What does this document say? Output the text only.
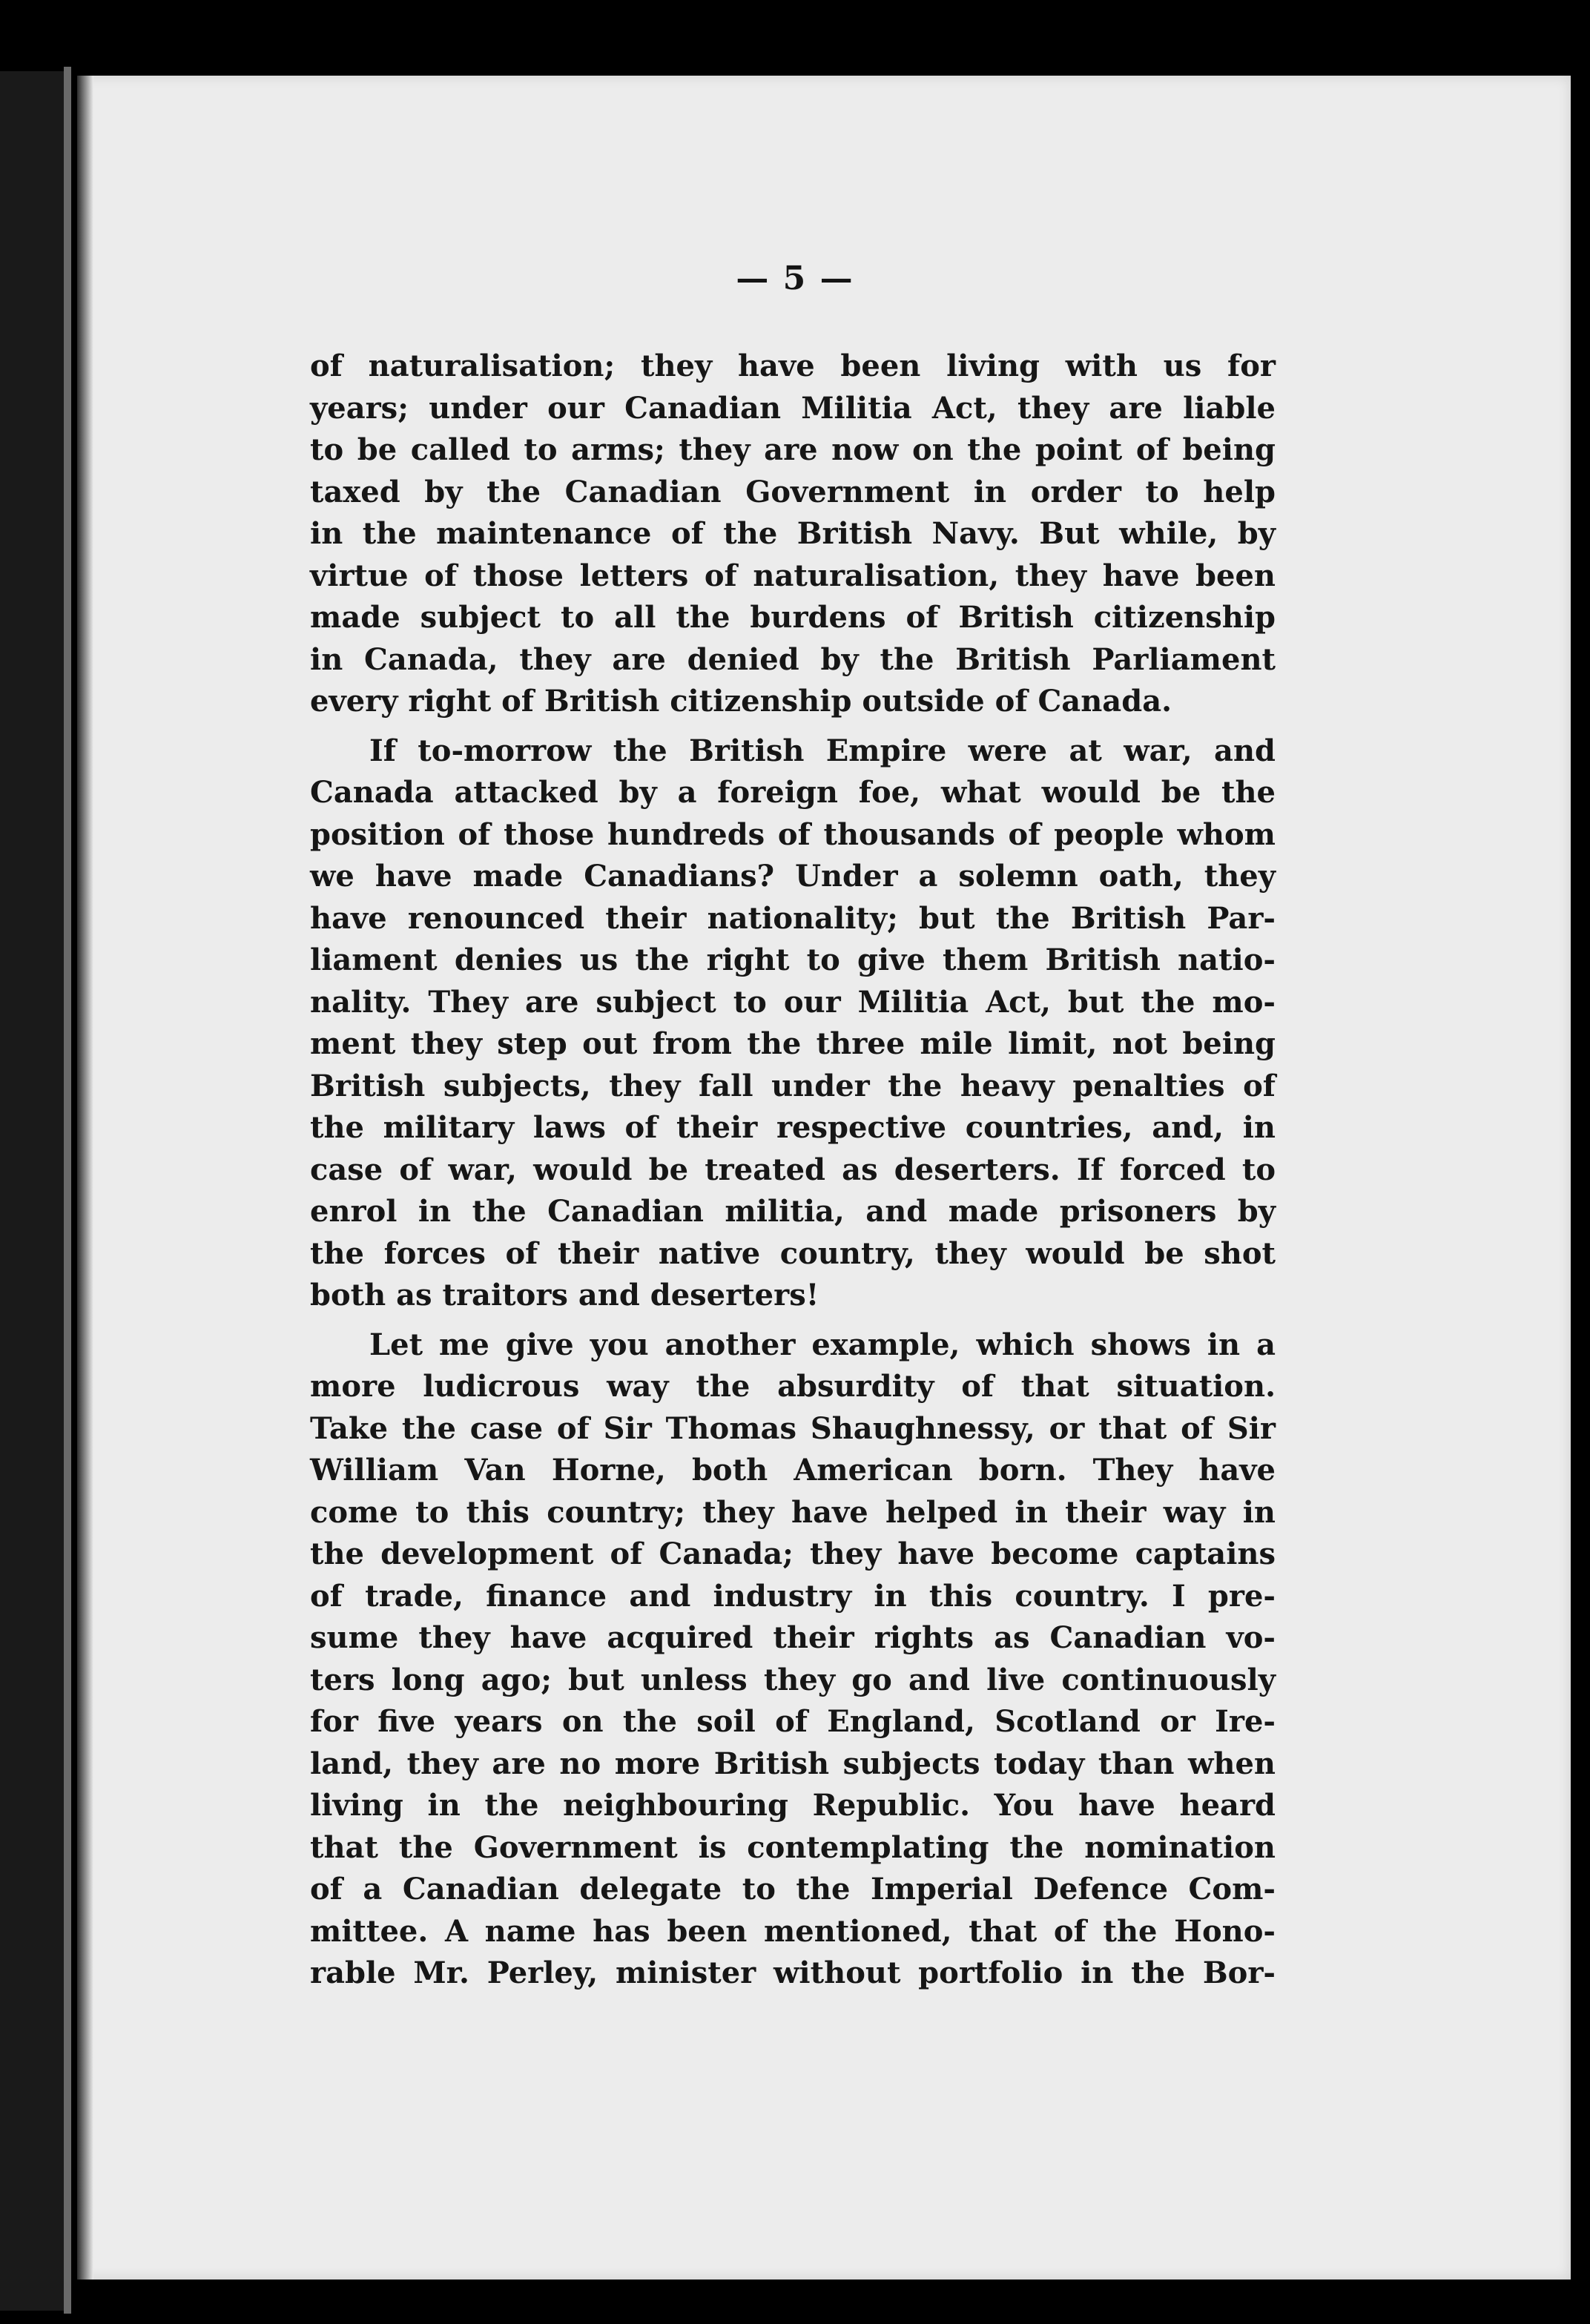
— 5 —
of naturalisation; they have been living with us for
years; under our Canadian Militia Act, they are liable
to be called to arms; they are now on the point of being
taxed by the Canadian Government in order to help
in the maintenance of the British Navy. But while, by
virtue of those letters of naturalisation, they have been
made subject to all the burdens of British citizenship
in Canada, they are denied by the British Parliament
every right of British citizenship outside of Canada.
If to-morrow the British Empire were at war, and
Canada attacked by a foreign foe, what would be the
position of those hundreds of thousands of people whom
we have made Canadians? Under a solemn oath, they
have renounced their nationality; but the British Par-
liament denies us the right to give them British natio-
nality. They are subject to our Militia Act, but the mo-
ment they step out from the three mile limit, not being
British subjects, they fall under the heavy penalties of
the military laws of their respective countries, and, in
case of war, would be treated as deserters. If forced to
enrol in the Canadian militia, and made prisoners by
the forces of their native country, they would be shot
both as traitors and deserters!
Let me give you another example, which shows in a
more ludicrous way the absurdity of that situation.
Take the case of Sir Thomas Shaughnessy, or that of Sir
William Van Horne, both American born. They have
come to this country; they have helped in their way in
the development of Canada; they have become captains
of trade, finance and industry in this country. I pre-
sume they have acquired their rights as Canadian vo-
ters long ago; but unless they go and live continuously
for five years on the soil of England, Scotland or Ire-
land, they are no more British subjects today than when
living in the neighbouring Republic. You have heard
that the Government is contemplating the nomination
of a Canadian delegate to the Imperial Defence Com-
mittee. A name has been mentioned, that of the Hono-
rable Mr. Perley, minister without portfolio in the Bor-
